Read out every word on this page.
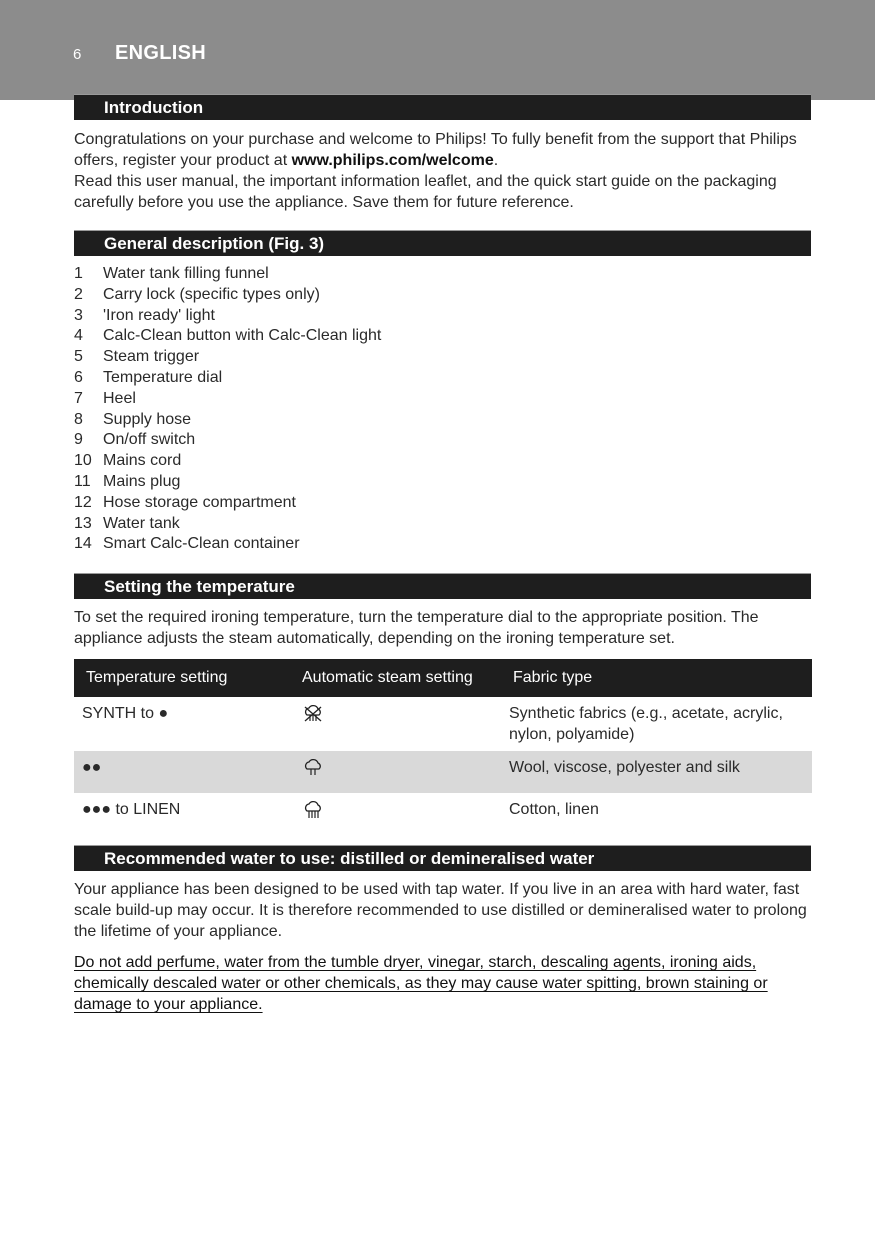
6 ENGLISH
Introduction
Congratulations on your purchase and welcome to Philips! To fully benefit from the support that Philips offers, register your product at www.philips.com/welcome.
Read this user manual, the important information leaflet, and the quick start guide on the packaging carefully before you use the appliance. Save them for future reference.
General description (Fig. 3)
1	Water tank filling funnel
2	Carry lock (specific types only)
3	'Iron ready' light
4	Calc-Clean button with Calc-Clean light
5	Steam trigger
6	Temperature dial
7	Heel
8	Supply hose
9	On/off switch
10 Mains cord
11 Mains plug
12 Hose storage compartment
13 Water tank
14 Smart Calc-Clean container
Setting the temperature
To set the required ironing temperature, turn the temperature dial to the appropriate position. The appliance adjusts the steam automatically, depending on the ironing temperature set.
Temperature setting	Automatic steam setting	Fabric type
SYNTH to ●		Synthetic fabrics (e.g., acetate, acrylic, nylon, polyamide)
●●		Wool, viscose, polyester and silk
●●● to LINEN		Cotton, linen
Recommended water to use: distilled or demineralised water
Your appliance has been designed to be used with tap water. If you live in an area with hard water, fast scale build-up may occur. It is therefore recommended to use distilled or demineralised water to prolong the lifetime of your appliance.
Do not add perfume, water from the tumble dryer, vinegar, starch, descaling agents, ironing aids, chemically descaled water or other chemicals, as they may cause water spitting, brown staining or damage to your appliance.
